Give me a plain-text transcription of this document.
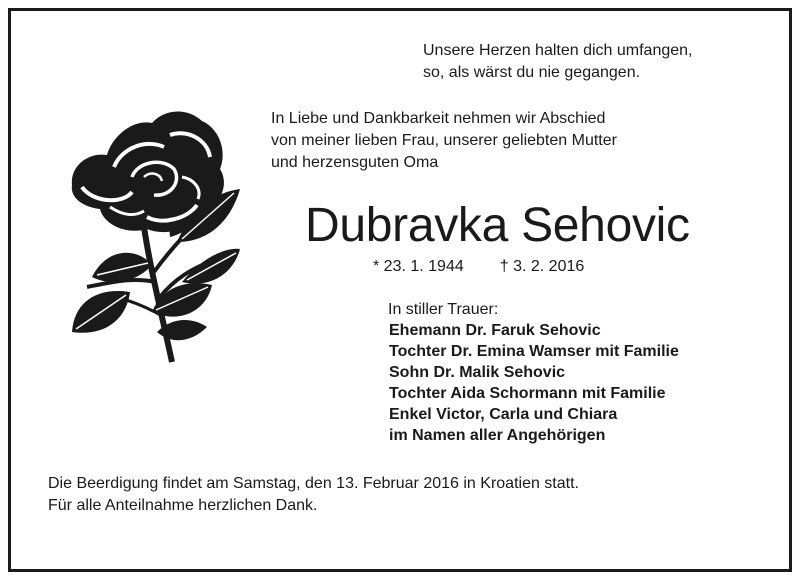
Unsere Herzen halten dich umfangen,
so, als wärst du nie gegangen.
In Liebe und Dankbarkeit nehmen wir Abschied
von meiner lieben Frau, unserer geliebten Mutter
und herzensguten Oma
Dubravka Sehovic
* 23. 1. 1944 † 3. 2. 2016
In stiller Trauer:
Ehemann Dr. Faruk Sehovic
Tochter Dr. Emina Wamser mit Familie
Sohn Dr. Malik Sehovic
Tochter Aida Schormann mit Familie
Enkel Victor, Carla und Chiara
im Namen aller Angehörigen
Die Beerdigung findet am Samstag, den 13. Februar 2016 in Kroatien statt.
Für alle Anteilnahme herzlichen Dank.
